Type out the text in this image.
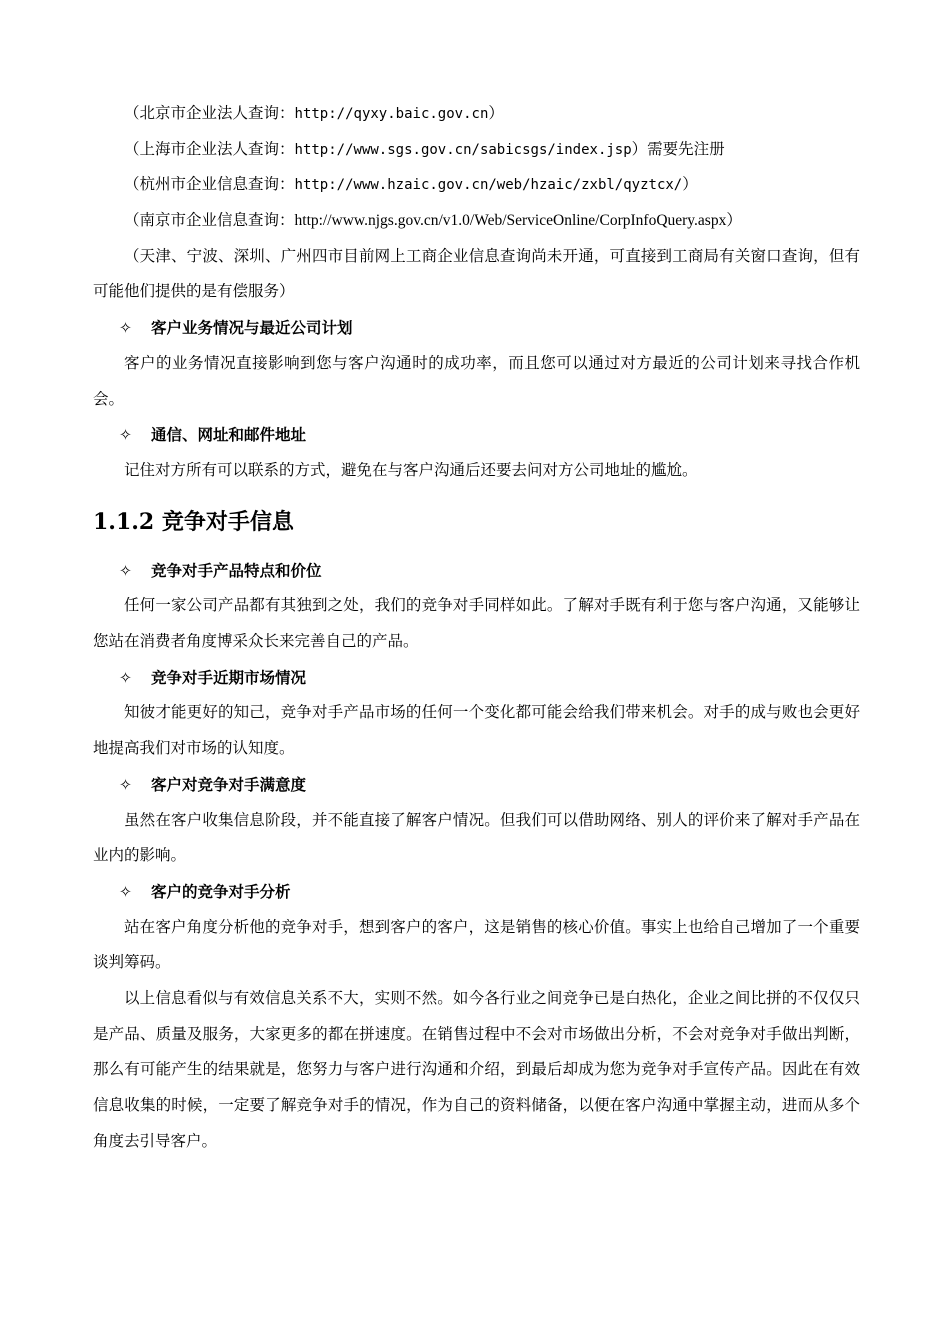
（北京市企业法人查询：http://qyxy.baic.gov.cn）
（上海市企业法人查询：http://www.sgs.gov.cn/sabicsgs/index.jsp）需要先注册
（杭州市企业信息查询：http://www.hzaic.gov.cn/web/hzaic/zxbl/qyztcx/）
（南京市企业信息查询：http://www.njgs.gov.cn/v1.0/Web/ServiceOnline/CorpInfoQuery.aspx）
（天津、宁波、深圳、广州四市目前网上工商企业信息查询尚未开通，可直接到工商局有关窗口查询，但有可能他们提供的是有偿服务）
✧ 客户业务情况与最近公司计划
客户的业务情况直接影响到您与客户沟通时的成功率，而且您可以通过对方最近的公司计划来寻找合作机会。
✧ 通信、网址和邮件地址
记住对方所有可以联系的方式，避免在与客户沟通后还要去问对方公司地址的尴尬。
1.1.2 竞争对手信息
✧ 竞争对手产品特点和价位
任何一家公司产品都有其独到之处，我们的竞争对手同样如此。了解对手既有利于您与客户沟通，又能够让您站在消费者角度博采众长来完善自己的产品。
✧ 竞争对手近期市场情况
知彼才能更好的知己，竞争对手产品市场的任何一个变化都可能会给我们带来机会。对手的成与败也会更好地提高我们对市场的认知度。
✧ 客户对竞争对手满意度
虽然在客户收集信息阶段，并不能直接了解客户情况。但我们可以借助网络、别人的评价来了解对手产品在业内的影响。
✧ 客户的竞争对手分析
站在客户角度分析他的竞争对手，想到客户的客户，这是销售的核心价值。事实上也给自己增加了一个重要谈判筹码。
以上信息看似与有效信息关系不大，实则不然。如今各行业之间竞争已是白热化，企业之间比拼的不仅仅只是产品、质量及服务，大家更多的都在拼速度。在销售过程中不会对市场做出分析，不会对竞争对手做出判断，那么有可能产生的结果就是，您努力与客户进行沟通和介绍，到最后却成为您为竞争对手宣传产品。因此在有效信息收集的时候，一定要了解竞争对手的情况，作为自己的资料储备，以便在客户沟通中掌握主动，进而从多个角度去引导客户。
